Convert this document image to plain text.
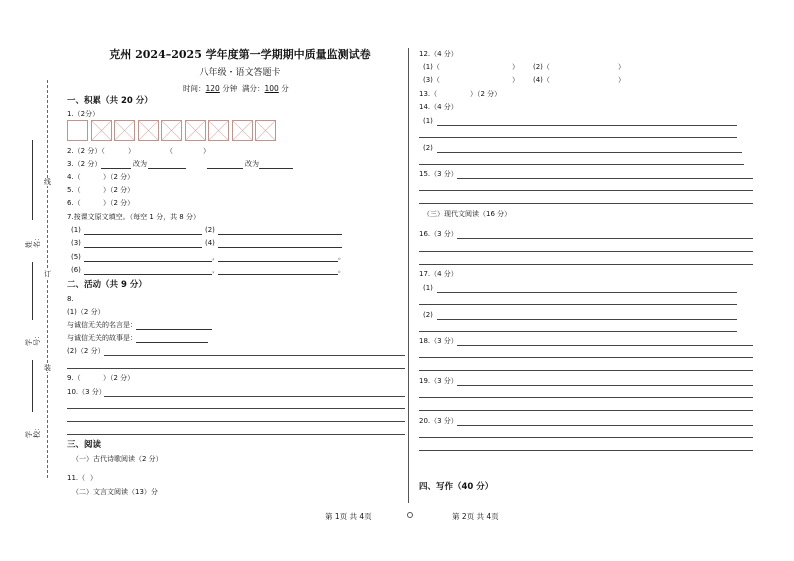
线
订
装
姓名：
学号：
学校：
克州 2024–2025 学年度第一学期期中质量监测试卷
八年级・语文答题卡
时间：120 分钟 满分：100 分
一、积累（共 20 分）
1.（2分）
2.（2 分）（	）	（	）
3.（2 分）	改为	改为
4.（	）（2 分）
5.（	）（2 分）
6.（	）（2 分）
7.按课文原文填空。（每空 1 分，共 8 分）
(1)	(2)
(3)	(4)
(5)	，	。
(6)	，	。
二、活动（共 9 分）
8.
(1)（2 分）
与诚信无关的名言是：
与诚信无关的故事是：
(2)（2 分）
9.（	）（2 分）
10.（3 分）
三、阅读
（一）古代诗歌阅读（2 分）
11.（ ）
（二）文言文阅读（13）分
12.（4 分）
(1)（	） (2)（	）
(3)（	） (4)（	）
13.（	）（2 分）
14.（4 分）
(1)
(2)
15.（3 分）
（三）现代文阅读（16 分）
16.（3 分）
17.（4 分）
(1)
(2)
18.（3 分）
19.（3 分）
20.（3 分）
四、写作（40 分）
第 1页 共 4页	第 2页 共 4页
